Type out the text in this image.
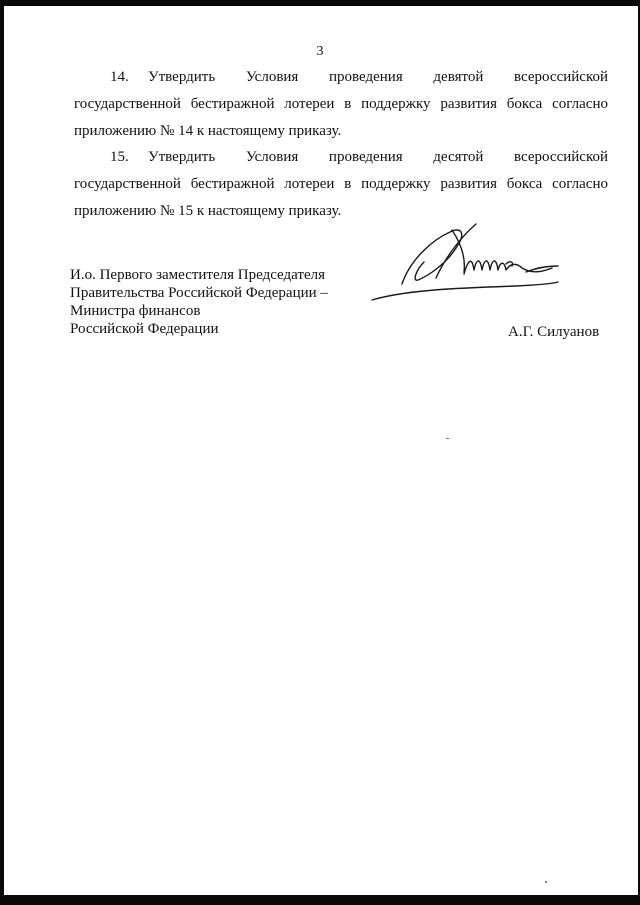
3

14. Утвердить Условия проведения девятой всероссийской государственной бестиражной лотереи в поддержку развития бокса согласно приложению № 14 к настоящему приказу.

15. Утвердить Условия проведения десятой всероссийской государственной бестиражной лотереи в поддержку развития бокса согласно приложению № 15 к настоящему приказу.

И.о. Первого заместителя Председателя
Правительства Российской Федерации –
Министра финансов
Российской Федерации	А.Г. Силуанов
